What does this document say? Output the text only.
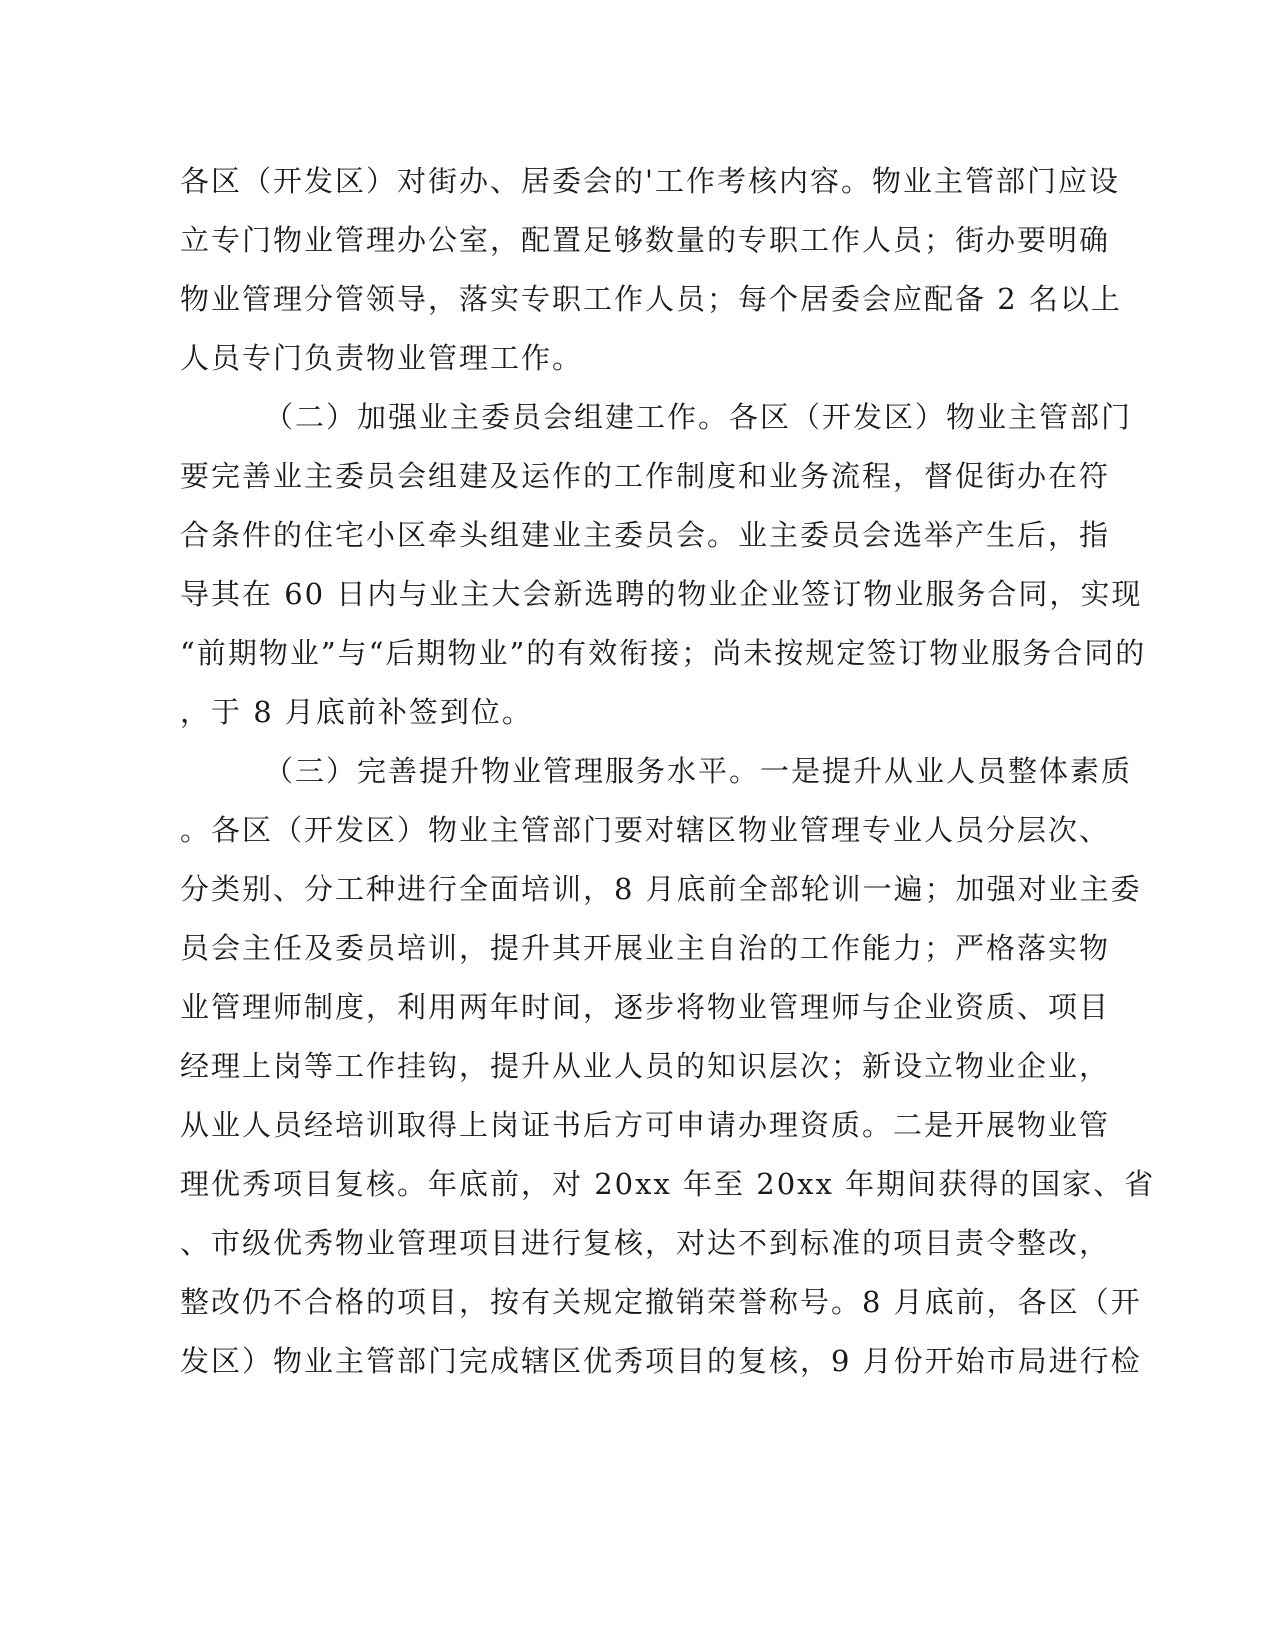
各区（开发区）对街办、居委会的'工作考核内容。物业主管部门应设
立专门物业管理办公室，配置足够数量的专职工作人员；街办要明确
物业管理分管领导，落实专职工作人员；每个居委会应配备 2 名以上
人员专门负责物业管理工作。
（二）加强业主委员会组建工作。各区（开发区）物业主管部门
要完善业主委员会组建及运作的工作制度和业务流程，督促街办在符
合条件的住宅小区牵头组建业主委员会。业主委员会选举产生后，指
导其在 60 日内与业主大会新选聘的物业企业签订物业服务合同，实现
“前期物业”与“后期物业”的有效衔接；尚未按规定签订物业服务合同的
，于 8 月底前补签到位。
（三）完善提升物业管理服务水平。一是提升从业人员整体素质
。各区（开发区）物业主管部门要对辖区物业管理专业人员分层次、
分类别、分工种进行全面培训，8 月底前全部轮训一遍；加强对业主委
员会主任及委员培训，提升其开展业主自治的工作能力；严格落实物
业管理师制度，利用两年时间，逐步将物业管理师与企业资质、项目
经理上岗等工作挂钩，提升从业人员的知识层次；新设立物业企业，
从业人员经培训取得上岗证书后方可申请办理资质。二是开展物业管
理优秀项目复核。年底前，对 20xx 年至 20xx 年期间获得的国家、省
、市级优秀物业管理项目进行复核，对达不到标准的项目责令整改，
整改仍不合格的项目，按有关规定撤销荣誉称号。8 月底前，各区（开
发区）物业主管部门完成辖区优秀项目的复核，9 月份开始市局进行检
